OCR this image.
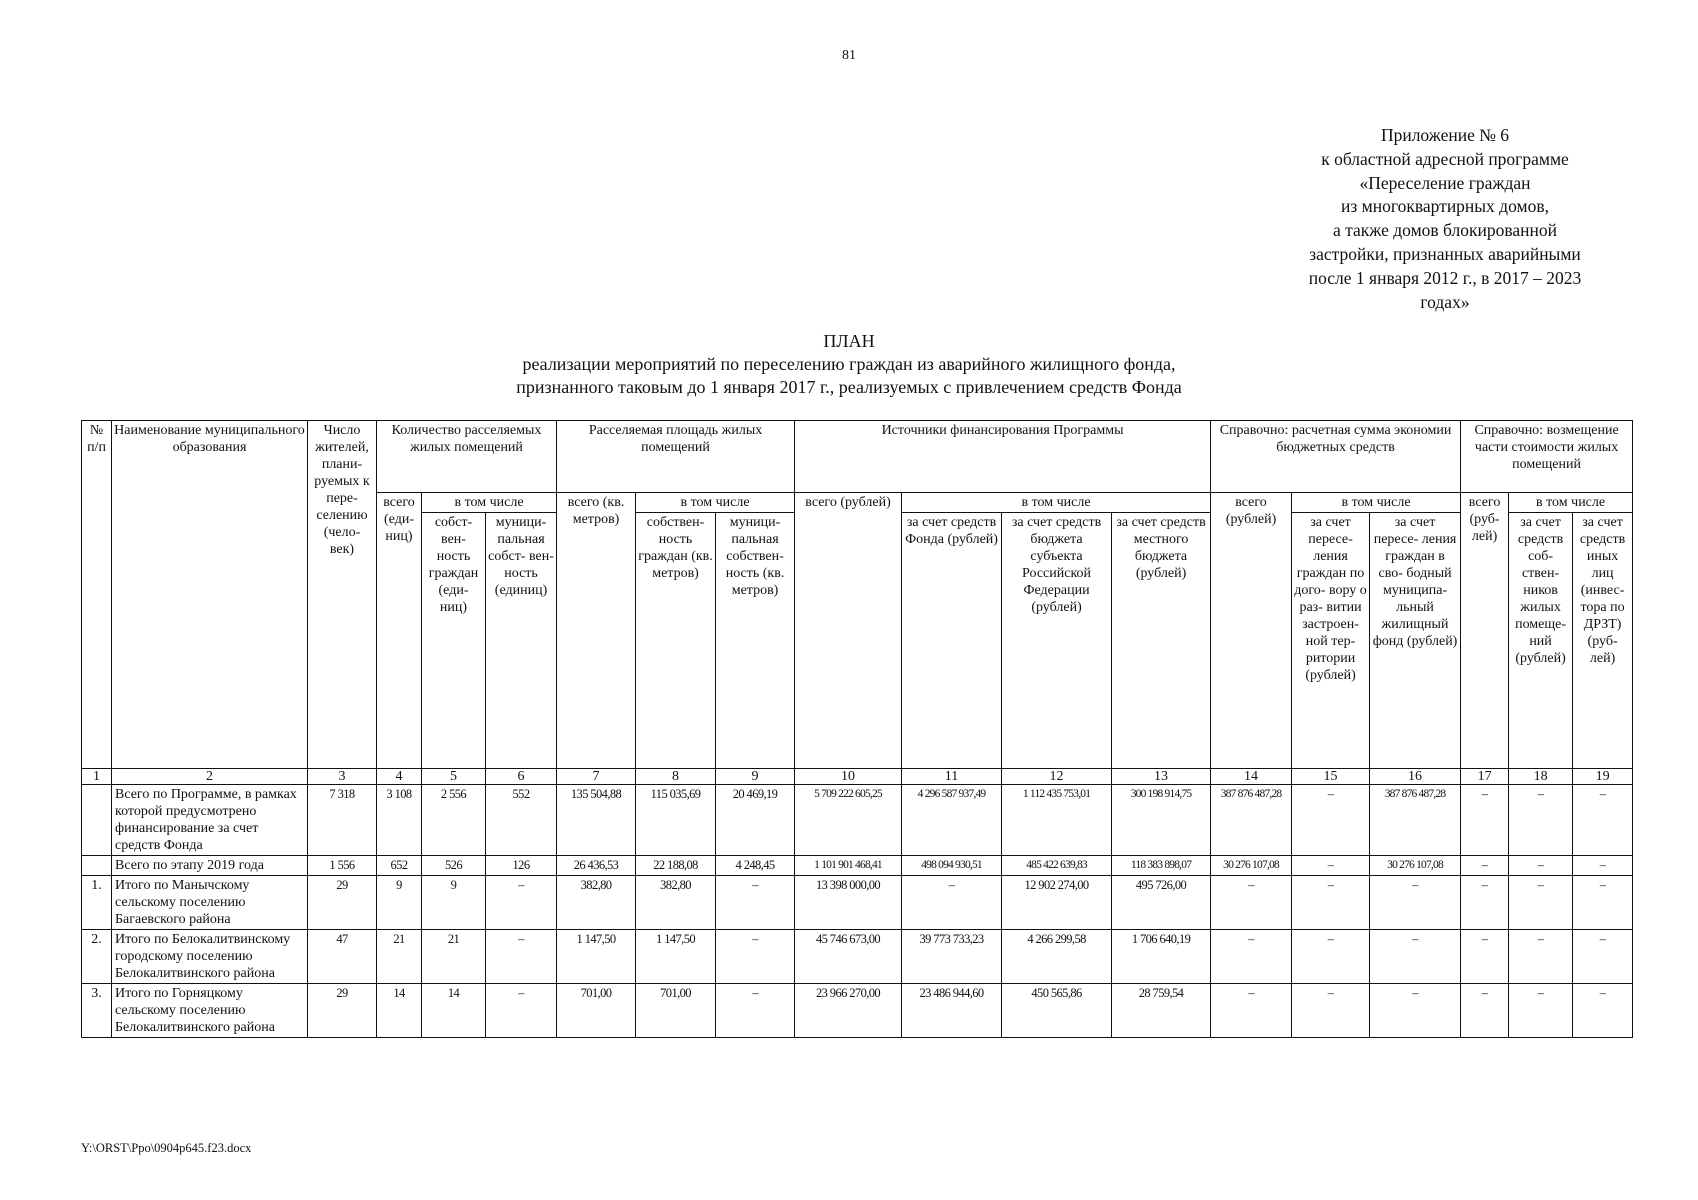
81
Приложение № 6
к областной адресной программе
«Переселение граждан
из многоквартирных домов,
а также домов блокированной
застройки, признанных аварийными
после 1 января 2012 г., в 2017 – 2023
годах»
ПЛАН
реализации мероприятий по переселению граждан из аварийного жилищного фонда,
признанного таковым до 1 января 2017 г., реализуемых с привлечением средств Фонда
№ п/п	Наименование муниципального образования	Число жителей, плани- руемых к пере- селению (чело- век)	Количество расселяемых жилых помещений			Расселяемая площадь жилых помещений			Источники финансирования Программы				Справочно: расчетная сумма экономии бюджетных средств			Справочно: возмещение части стоимости жилых помещений		
			всего (еди- ниц)	в том числе		всего (кв. метров)	в том числе		всего (рублей)	в том числе			всего (рублей)	в том числе		всего (руб- лей)	в том числе	
				собст- вен- ность граждан (еди- ниц)	муници- пальная собст- вен- ность (единиц)		собствен- ность граждан (кв. метров)	муници- пальная собствен- ность (кв. метров)		за счет средств Фонда (рублей)	за счет средств бюджета субъекта Российской Федерации (рублей)	за счет средств местного бюджета (рублей)		за счет пересе- ления граждан по дого- вору о раз- витии застроен- ной тер- ритории (рублей)	за счет пересе- ления граждан в сво- бодный муниципа- льный жилищный фонд (рублей)		за счет средств соб- ствен- ников жилых помеще- ний (рублей)	за счет средств иных лиц (инвес- тора по ДРЗТ) (руб- лей)
1	2	3	4	5	6	7	8	9	10	11	12	13	14	15	16	17	18	19
	Всего по Программе, в рамках которой предусмотрено финансирование за счет средств Фонда	7 318	3 108	2 556	552	135 504,88	115 035,69	20 469,19	5 709 222 605,25	4 296 587 937,49	1 112 435 753,01	300 198 914,75	387 876 487,28	–	387 876 487,28	–	–	–
	Всего по этапу 2019 года	1 556	652	526	126	26 436,53	22 188,08	4 248,45	1 101 901 468,41	498 094 930,51	485 422 639,83	118 383 898,07	30 276 107,08	–	30 276 107,08	–	–	–
1.	Итого по Манычскому сельскому поселению Багаевского района	29	9	9	–	382,80	382,80	–	13 398 000,00	–	12 902 274,00	495 726,00	–	–	–	–	–	–
2.	Итого по Белокалитвинскому городскому поселению Белокалитвинского района	47	21	21	–	1 147,50	1 147,50	–	45 746 673,00	39 773 733,23	4 266 299,58	1 706 640,19	–	–	–	–	–	–
3.	Итого по Горняцкому сельскому поселению Белокалитвинского района	29	14	14	–	701,00	701,00	–	23 966 270,00	23 486 944,60	450 565,86	28 759,54	–	–	–	–	–	–
Y:\ORST\Ppo\0904p645.f23.docx
